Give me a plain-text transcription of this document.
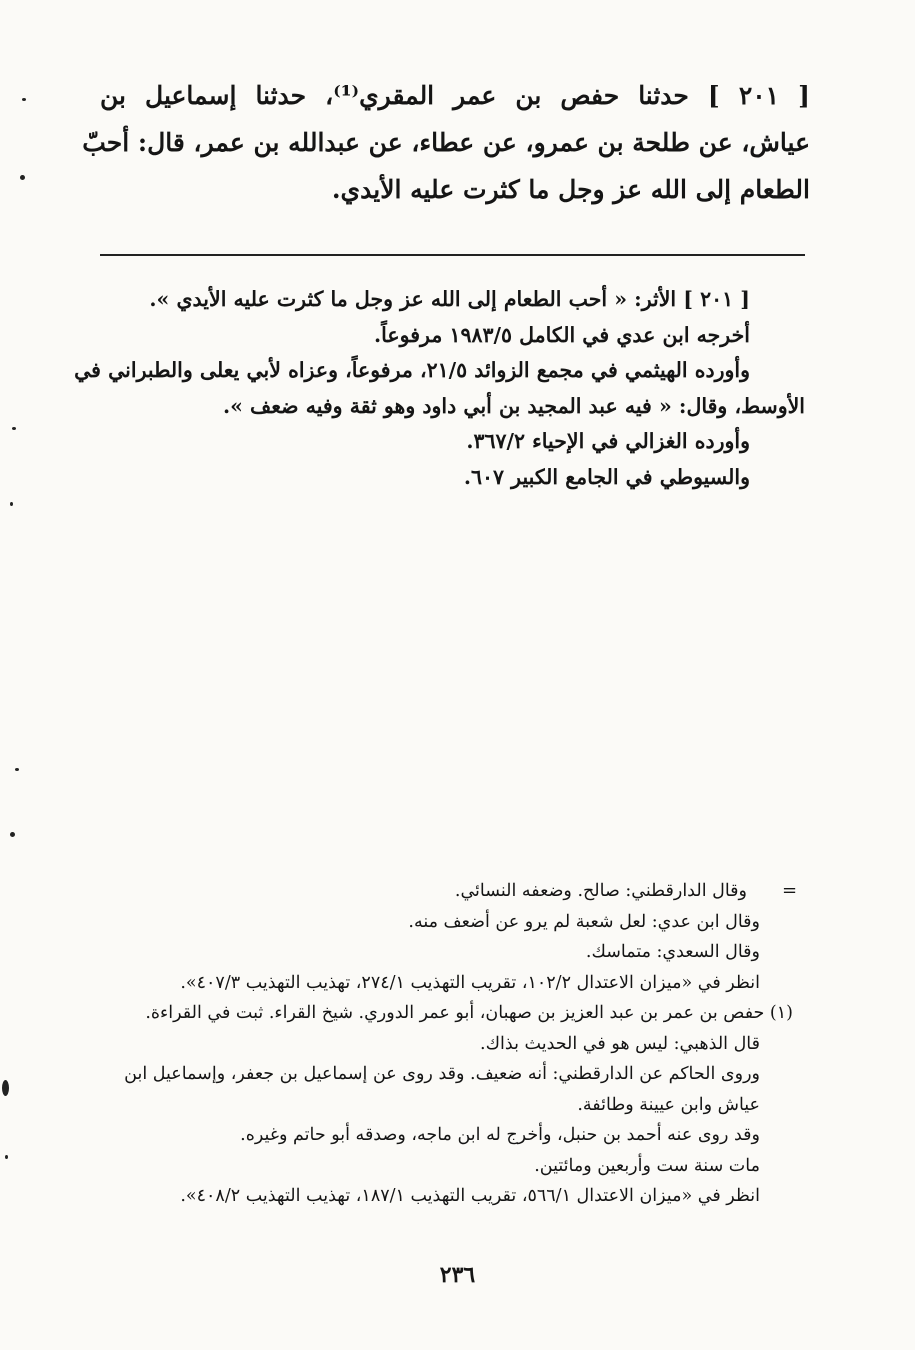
[ ٢٠١ ] حدثنا حفص بن عمر المقري⁽¹⁾، حدثنا إسماعيل بن
عياش، عن طلحة بن عمرو، عن عطاء، عن عبدالله بن عمر، قال: أحبّ
الطعام إلى الله عز وجل ما كثرت عليه الأيدي.
[ ٢٠١ ] الأثر: « أحب الطعام إلى الله عز وجل ما كثرت عليه الأيدي ».
أخرجه ابن عدي في الكامل ١٩٨٣/٥ مرفوعاً.
وأورده الهيثمي في مجمع الزوائد ٢١/٥، مرفوعاً، وعزاه لأبي يعلى والطبراني في
الأوسط، وقال: « فيه عبد المجيد بن أبي داود وهو ثقة وفيه ضعف ».
وأورده الغزالي في الإحياء ٣٦٧/٢.
والسيوطي في الجامع الكبير ٦٠٧.
=
وقال الدارقطني: صالح. وضعفه النسائي.
وقال ابن عدي: لعل شعبة لم يرو عن أضعف منه.
وقال السعدي: متماسك.
انظر في «ميزان الاعتدال ١٠٢/٢، تقريب التهذيب ٢٧٤/١، تهذيب التهذيب ٤٠٧/٣».
(١) حفص بن عمر بن عبد العزيز بن صهبان، أبو عمر الدوري. شيخ القراء. ثبت في القراءة.
قال الذهبي: ليس هو في الحديث بذاك.
وروى الحاكم عن الدارقطني: أنه ضعيف. وقد روى عن إسماعيل بن جعفر، وإسماعيل ابن
عياش وابن عيينة وطائفة.
وقد روى عنه أحمد بن حنبل، وأخرج له ابن ماجه، وصدقه أبو حاتم وغيره.
مات سنة ست وأربعين ومائتين.
انظر في «ميزان الاعتدال ٥٦٦/١، تقريب التهذيب ١٨٧/١، تهذيب التهذيب ٤٠٨/٢».
٢٣٦
